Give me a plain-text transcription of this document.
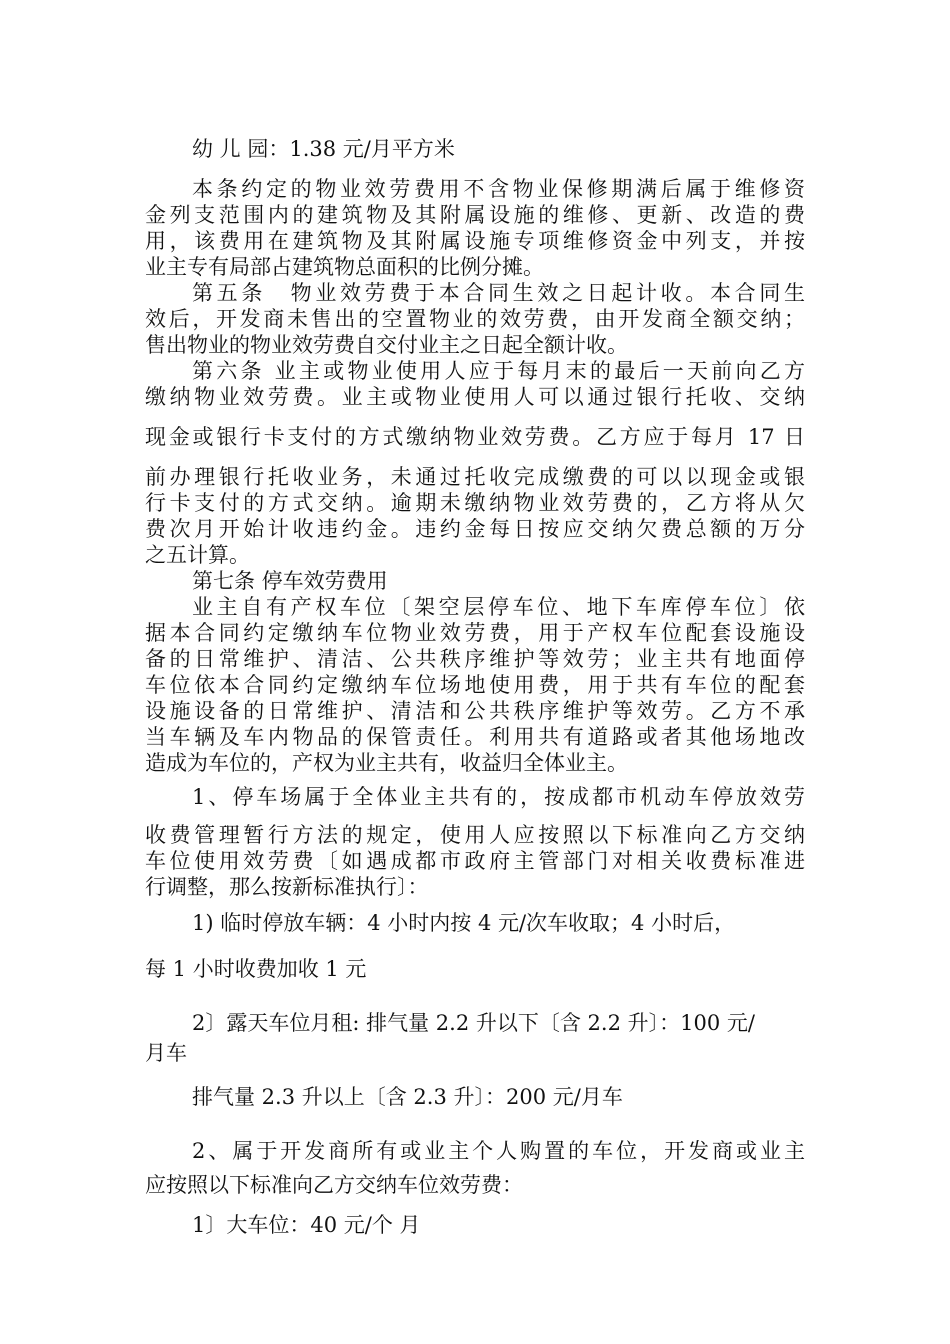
幼 儿 园：1.38 元/月平方米

本条约定的物业效劳费用不含物业保修期满后属于维修资

金列支范围内的建筑物及其附属设施的维修、更新、改造的费

用，该费用在建筑物及其附属设施专项维修资金中列支，并按

业主专有局部占建筑物总面积的比例分摊。

第五条　物业效劳费于本合同生效之日起计收。本合同生

效后，开发商未售出的空置物业的效劳费，由开发商全额交纳；

售出物业的物业效劳费自交付业主之日起全额计收。

第六条 业主或物业使用人应于每月末的最后一天前向乙方

缴纳物业效劳费。业主或物业使用人可以通过银行托收、交纳

现金或银行卡支付的方式缴纳物业效劳费。乙方应于每月 17 日

前办理银行托收业务，未通过托收完成缴费的可以以现金或银

行卡支付的方式交纳。逾期未缴纳物业效劳费的，乙方将从欠

费次月开始计收违约金。违约金每日按应交纳欠费总额的万分

之五计算。

第七条 停车效劳费用

业主自有产权车位〔架空层停车位、地下车库停车位〕依

据本合同约定缴纳车位物业效劳费，用于产权车位配套设施设

备的日常维护、清洁、公共秩序维护等效劳；业主共有地面停

车位依本合同约定缴纳车位场地使用费，用于共有车位的配套

设施设备的日常维护、清洁和公共秩序维护等效劳。乙方不承

当车辆及车内物品的保管责任。利用共有道路或者其他场地改

造成为车位的，产权为业主共有，收益归全体业主。

1、停车场属于全体业主共有的，按成都市机动车停放效劳

收费管理暂行方法的规定，使用人应按照以下标准向乙方交纳

车位使用效劳费〔如遇成都市政府主管部门对相关收费标准进

行调整，那么按新标准执行〕：

1) 临时停放车辆：4 小时内按 4 元/次车收取；4 小时后，

每 1 小时收费加收 1 元

2〕露天车位月租: 排气量 2.2 升以下〔含 2.2 升〕：100 元/

月车

排气量 2.3 升以上〔含 2.3 升〕：200 元/月车

2、属于开发商所有或业主个人购置的车位，开发商或业主

应按照以下标准向乙方交纳车位效劳费：

1〕大车位：40 元/个 月
